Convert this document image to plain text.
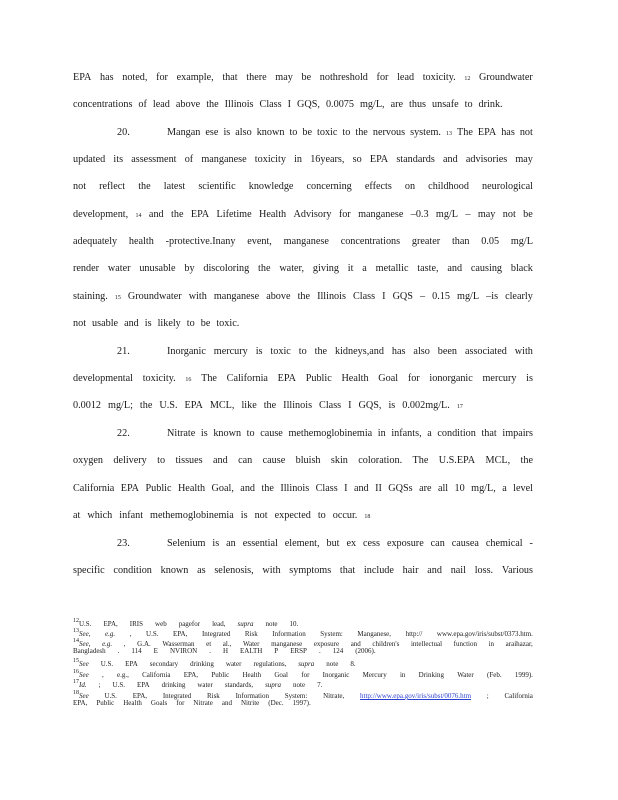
EPA has noted, for example, that there may be nothreshold for lead toxicity. 12 Groundwater
concentrations of lead above the Illinois Class I GQS, 0.0075 mg/L, are thus unsafe to drink.
20.	Mangan ese is also known to be toxic to the nervous system. 13 The EPA has not
updated its assessment of manganese toxicity in 16years, so EPA standards and advisories may
not reflect the latest scientific knowledge concerning effects on childhood neurological
development, 14 and the EPA Lifetime Health Advisory for manganese –0.3 mg/L – may not be
adequately health -protective.Inany event, manganese concentrations greater than 0.05 mg/L
render water unusable by discoloring the water, giving it a metallic taste, and causing black
staining. 15 Groundwater with manganese above the Illinois Class I GQS – 0.15 mg/L –is clearly
not usable and is likely to be toxic.
21.	Inorganic mercury is toxic to the kidneys,and has also been associated with
developmental toxicity. 16 The California EPA Public Health Goal for ionorganic mercury is
0.0012 mg/L; the U.S. EPA MCL, like the Illinois Class I GQS, is 0.002mg/L. 17
22.	Nitrate is known to cause methemoglobinemia in infants, a condition that impairs
oxygen delivery to tissues and can cause bluish skin coloration. The U.S.EPA MCL, the
California EPA Public Health Goal, and the Illinois Class I and II GQSs are all 10 mg/L, a level
at which infant methemoglobinemia is not expected to occur. 18
23.	Selenium is an essential element, but ex cess exposure can causea chemical -
specific condition known as selenosis, with symptoms that include hair and nail loss. Various
$^{12}$U.S. EPA, IRIS web pagefor lead, supra note 10.
$^{13}$See, e.g. , U.S. EPA, Integrated Risk Information System: Manganese, http:// www.epa.gov/iris/subst/0373.htm.
$^{14}$See, e.g. , G.A. Wasserman et al., Water manganese exposure and children's intellectual function in araihazar,
Bangladesh . 114 E NVIRON . H EALTH P ERSP . 124 (2006).
$^{15}$See U.S. EPA secondary drinking water regulations, supra note 8.
$^{16}$See , e.g., California EPA, Public Health Goal for Inorganic Mercury in Drinking Water (Feb. 1999).
$^{17}$Id. ; U.S. EPA drinking water standards, supra note 7.
$^{18}$See U.S. EPA, Integrated Risk Information System: Nitrate, http://www.epa.gov/iris/subst/0076.htm ; California
EPA, Public Health Goals for Nitrate and Nitrite (Dec. 1997).
